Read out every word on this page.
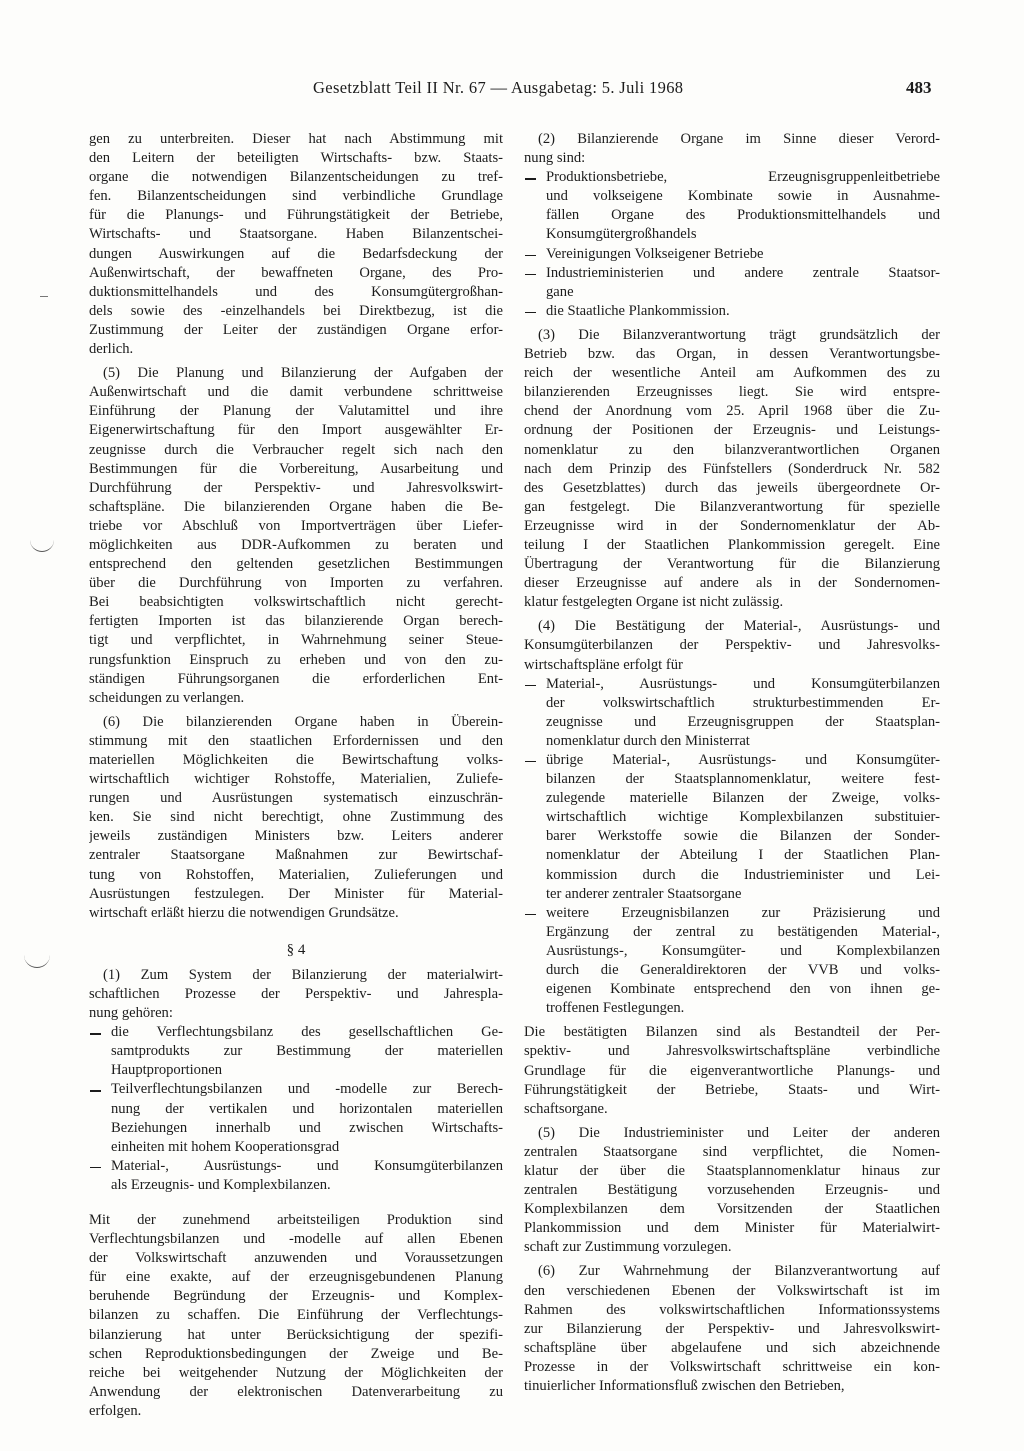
Gesetzblatt Teil II Nr. 67 — Ausgabetag: 5. Juli 1968	483
gen zu unterbreiten. Dieser hat nach Abstimmung mit
den Leitern der beteiligten Wirtschafts- bzw. Staats-
organe die notwendigen Bilanzentscheidungen zu tref-
fen. Bilanzentscheidungen sind verbindliche Grundlage
für die Planungs- und Führungstätigkeit der Betriebe,
Wirtschafts- und Staatsorgane. Haben Bilanzentschei-
dungen Auswirkungen auf die Bedarfsdeckung der
Außenwirtschaft, der bewaffneten Organe, des Pro-
duktionsmittelhandels und des Konsumgütergroßhan-
dels sowie des -einzelhandels bei Direktbezug, ist die
Zustimmung der Leiter der zuständigen Organe erfor-
derlich.
(5) Die Planung und Bilanzierung der Aufgaben der
Außenwirtschaft und die damit verbundene schrittweise
Einführung der Planung der Valutamittel und ihre
Eigenerwirtschaftung für den Import ausgewählter Er-
zeugnisse durch die Verbraucher regelt sich nach den
Bestimmungen für die Vorbereitung, Ausarbeitung und
Durchführung der Perspektiv- und Jahresvolkswirt-
schaftspläne. Die bilanzierenden Organe haben die Be-
triebe vor Abschluß von Importverträgen über Liefer-
möglichkeiten aus DDR-Aufkommen zu beraten und
entsprechend den geltenden gesetzlichen Bestimmungen
über die Durchführung von Importen zu verfahren.
Bei beabsichtigten volkswirtschaftlich nicht gerecht-
fertigten Importen ist das bilanzierende Organ berech-
tigt und verpflichtet, in Wahrnehmung seiner Steue-
rungsfunktion Einspruch zu erheben und von den zu-
ständigen Führungsorganen die erforderlichen Ent-
scheidungen zu verlangen.
(6) Die bilanzierenden Organe haben in Überein-
stimmung mit den staatlichen Erfordernissen und den
materiellen Möglichkeiten die Bewirtschaftung volks-
wirtschaftlich wichtiger Rohstoffe, Materialien, Zuliefe-
rungen und Ausrüstungen systematisch einzuschrän-
ken. Sie sind nicht berechtigt, ohne Zustimmung des
jeweils zuständigen Ministers bzw. Leiters anderer
zentraler Staatsorgane Maßnahmen zur Bewirtschaf-
tung von Rohstoffen, Materialien, Zulieferungen und
Ausrüstungen festzulegen. Der Minister für Material-
wirtschaft erläßt hierzu die notwendigen Grundsätze.
§ 4
(1) Zum System der Bilanzierung der materialwirt-
schaftlichen Prozesse der Perspektiv- und Jahrespla-
nung gehören:
die Verflechtungsbilanz des gesellschaftlichen Ge-
samtprodukts zur Bestimmung der materiellen
Hauptproportionen
Teilverflechtungsbilanzen und -modelle zur Berech-
nung der vertikalen und horizontalen materiellen
Beziehungen innerhalb und zwischen Wirtschafts-
einheiten mit hohem Kooperationsgrad
Material-, Ausrüstungs- und Konsumgüterbilanzen
als Erzeugnis- und Komplexbilanzen.
Mit der zunehmend arbeitsteiligen Produktion sind
Verflechtungsbilanzen und -modelle auf allen Ebenen
der Volkswirtschaft anzuwenden und Voraussetzungen
für eine exakte, auf der erzeugnisgebundenen Planung
beruhende Begründung der Erzeugnis- und Komplex-
bilanzen zu schaffen. Die Einführung der Verflechtungs-
bilanzierung hat unter Berücksichtigung der spezifi-
schen Reproduktionsbedingungen der Zweige und Be-
reiche bei weitgehender Nutzung der Möglichkeiten der
Anwendung der elektronischen Datenverarbeitung zu
erfolgen.
(2) Bilanzierende Organe im Sinne dieser Verord-
nung sind:
Produktionsbetriebe, Erzeugnisgruppenleitbetriebe
und volkseigene Kombinate sowie in Ausnahme-
fällen Organe des Produktionsmittelhandels und
Konsumgütergroßhandels
Vereinigungen Volkseigener Betriebe
Industrieministerien und andere zentrale Staatsor-
gane
die Staatliche Plankommission.
(3) Die Bilanzverantwortung trägt grundsätzlich der
Betrieb bzw. das Organ, in dessen Verantwortungsbe-
reich der wesentliche Anteil am Aufkommen des zu
bilanzierenden Erzeugnisses liegt. Sie wird entspre-
chend der Anordnung vom 25. April 1968 über die Zu-
ordnung der Positionen der Erzeugnis- und Leistungs-
nomenklatur zu den bilanzverantwortlichen Organen
nach dem Prinzip des Fünfstellers (Sonderdruck Nr. 582
des Gesetzblattes) durch das jeweils übergeordnete Or-
gan festgelegt. Die Bilanzverantwortung für spezielle
Erzeugnisse wird in der Sondernomenklatur der Ab-
teilung I der Staatlichen Plankommission geregelt. Eine
Übertragung der Verantwortung für die Bilanzierung
dieser Erzeugnisse auf andere als in der Sondernomen-
klatur festgelegten Organe ist nicht zulässig.
(4) Die Bestätigung der Material-, Ausrüstungs- und
Konsumgüterbilanzen der Perspektiv- und Jahresvolks-
wirtschaftspläne erfolgt für
Material-, Ausrüstungs- und Konsumgüterbilanzen
der volkswirtschaftlich strukturbestimmenden Er-
zeugnisse und Erzeugnisgruppen der Staatsplan-
nomenklatur durch den Ministerrat
übrige Material-, Ausrüstungs- und Konsumgüter-
bilanzen der Staatsplannomenklatur, weitere fest-
zulegende materielle Bilanzen der Zweige, volks-
wirtschaftlich wichtige Komplexbilanzen substituier-
barer Werkstoffe sowie die Bilanzen der Sonder-
nomenklatur der Abteilung I der Staatlichen Plan-
kommission durch die Industrieminister und Lei-
ter anderer zentraler Staatsorgane
weitere Erzeugnisbilanzen zur Präzisierung und
Ergänzung der zentral zu bestätigenden Material-,
Ausrüstungs-, Konsumgüter- und Komplexbilanzen
durch die Generaldirektoren der VVB und volks-
eigenen Kombinate entsprechend den von ihnen ge-
troffenen Festlegungen.
Die bestätigten Bilanzen sind als Bestandteil der Per-
spektiv- und Jahresvolkswirtschaftspläne verbindliche
Grundlage für die eigenverantwortliche Planungs- und
Führungstätigkeit der Betriebe, Staats- und Wirt-
schaftsorgane.
(5) Die Industrieminister und Leiter der anderen
zentralen Staatsorgane sind verpflichtet, die Nomen-
klatur der über die Staatsplannomenklatur hinaus zur
zentralen Bestätigung vorzusehenden Erzeugnis- und
Komplexbilanzen dem Vorsitzenden der Staatlichen
Plankommission und dem Minister für Materialwirt-
schaft zur Zustimmung vorzulegen.
(6) Zur Wahrnehmung der Bilanzverantwortung auf
den verschiedenen Ebenen der Volkswirtschaft ist im
Rahmen des volkswirtschaftlichen Informationssystems
zur Bilanzierung der Perspektiv- und Jahresvolkswirt-
schaftspläne über abgelaufene und sich abzeichnende
Prozesse in der Volkswirtschaft schrittweise ein kon-
tinuierlicher Informationsfluß zwischen den Betrieben,
